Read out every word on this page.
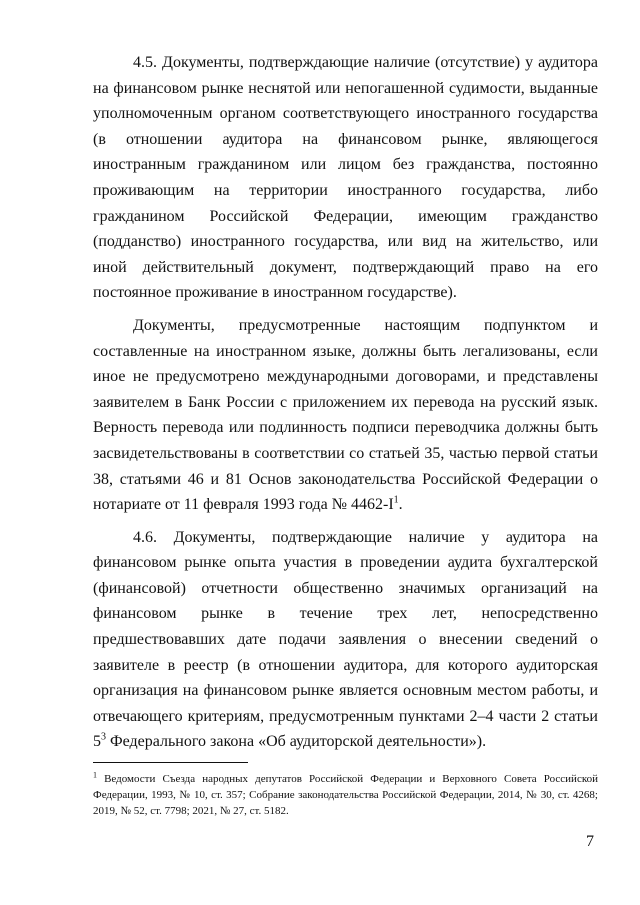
4.5. Документы, подтверждающие наличие (отсутствие) у аудитора на финансовом рынке неснятой или непогашенной судимости, выданные уполномоченным органом соответствующего иностранного государства (в отношении аудитора на финансовом рынке, являющегося иностранным гражданином или лицом без гражданства, постоянно проживающим на территории иностранного государства, либо гражданином Российской Федерации, имеющим гражданство (подданство) иностранного государства, или вид на жительство, или иной действительный документ, подтверждающий право на его постоянное проживание в иностранном государстве).

Документы, предусмотренные настоящим подпунктом и составленные на иностранном языке, должны быть легализованы, если иное не предусмотрено международными договорами, и представлены заявителем в Банк России с приложением их перевода на русский язык. Верность перевода или подлинность подписи переводчика должны быть засвидетельствованы в соответствии со статьей 35, частью первой статьи 38, статьями 46 и 81 Основ законодательства Российской Федерации о нотариате от 11 февраля 1993 года № 4462-I$^1$.

4.6. Документы, подтверждающие наличие у аудитора на финансовом рынке опыта участия в проведении аудита бухгалтерской (финансовой) отчетности общественно значимых организаций на финансовом рынке в течение трех лет, непосредственно предшествовавших дате подачи заявления о внесении сведений о заявителе в реестр (в отношении аудитора, для которого аудиторская организация на финансовом рынке является основным местом работы, и отвечающего критериям, предусмотренным пунктами 2–4 части 2 статьи $5^3$ Федерального закона «Об аудиторской деятельности»).

$^1$ Ведомости Съезда народных депутатов Российской Федерации и Верховного Совета Российской Федерации, 1993, № 10, ст. 357; Собрание законодательства Российской Федерации, 2014, № 30, ст. 4268; 2019, № 52, ст. 7798; 2021, № 27, ст. 5182.
7
